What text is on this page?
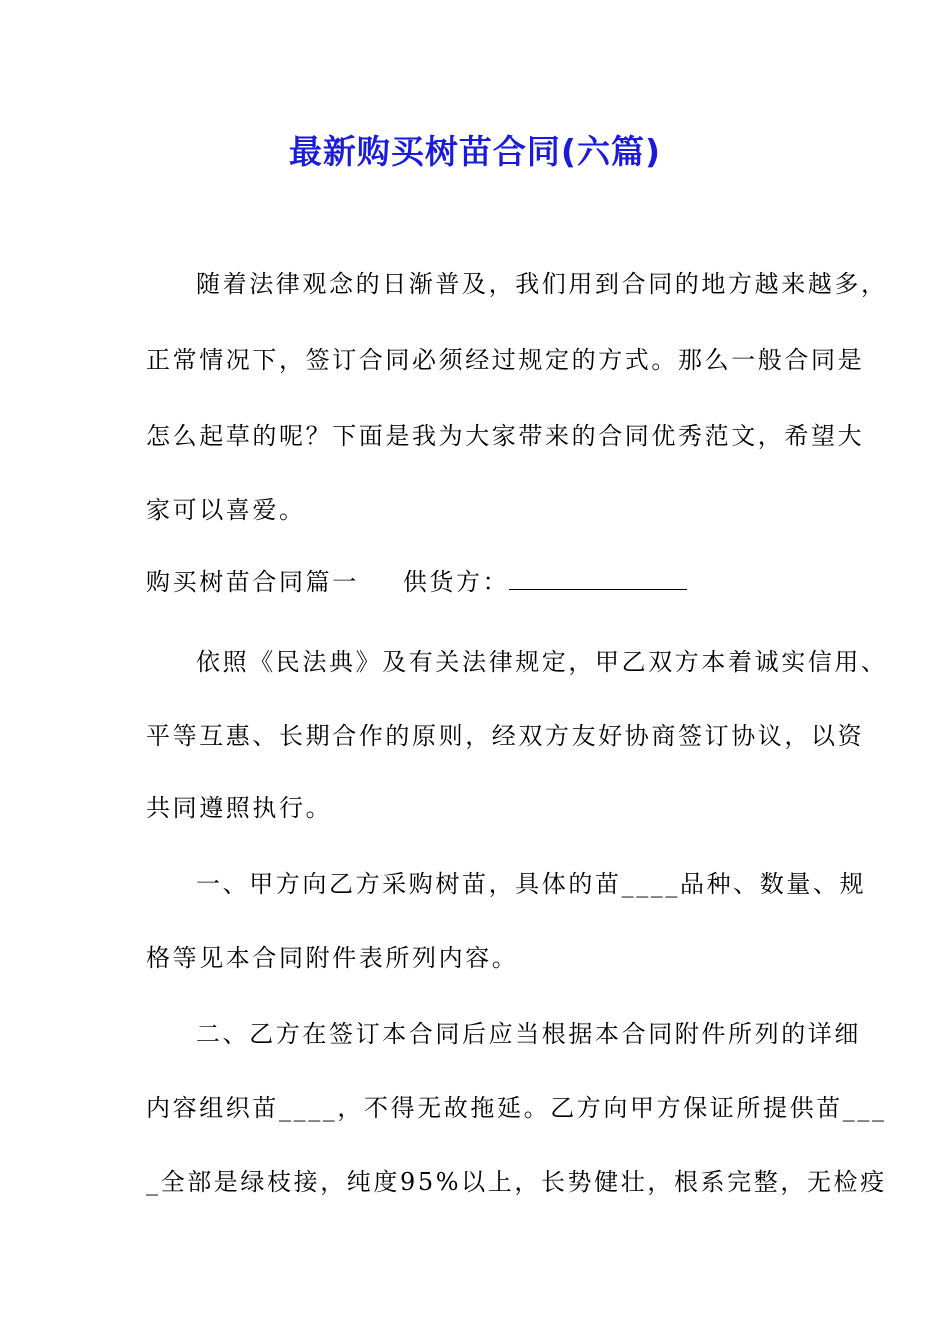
最新购买树苗合同(六篇)
随着法律观念的日渐普及，我们用到合同的地方越来越多，
正常情况下，签订合同必须经过规定的方式。那么一般合同是
怎么起草的呢？下面是我为大家带来的合同优秀范文，希望大
家可以喜爱。
购买树苗合同篇一 供货方：
依照《民法典》及有关法律规定，甲乙双方本着诚实信用、
平等互惠、长期合作的原则，经双方友好协商签订协议，以资
共同遵照执行。
一、甲方向乙方采购树苗，具体的苗____品种、数量、规
格等见本合同附件表所列内容。
二、乙方在签订本合同后应当根据本合同附件所列的详细
内容组织苗____，不得无故拖延。乙方向甲方保证所提供苗___
_全部是绿枝接，纯度95%以上，长势健壮，根系完整，无检疫
